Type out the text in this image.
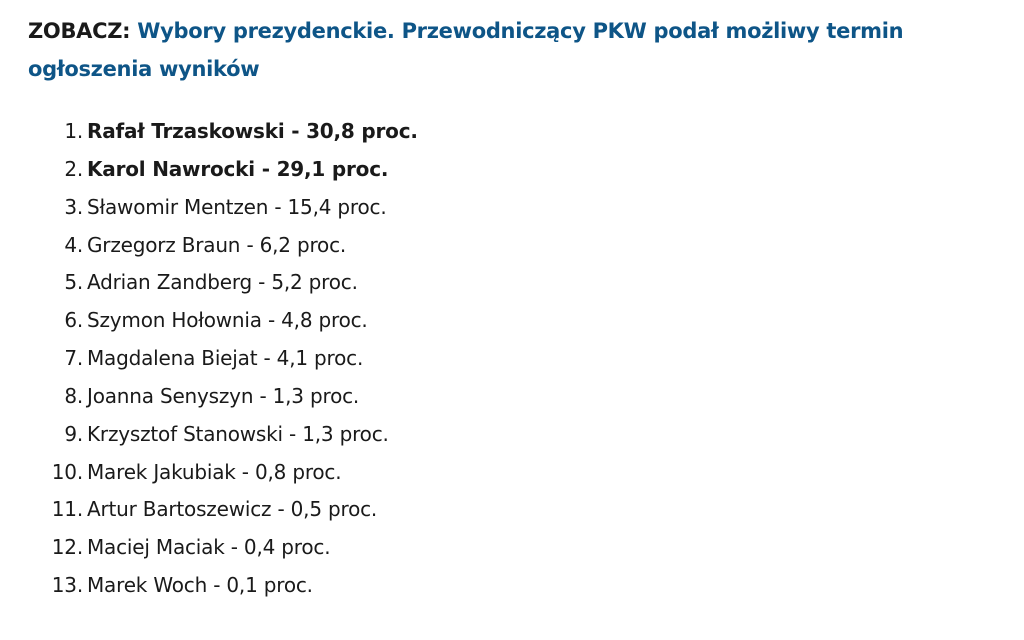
ZOBACZ: Wybory prezydenckie. Przewodniczący PKW podał możliwy termin ogłoszenia wyników
1. Rafał Trzaskowski - 30,8 proc.
2. Karol Nawrocki - 29,1 proc.
3. Sławomir Mentzen - 15,4 proc.
4. Grzegorz Braun - 6,2 proc.
5. Adrian Zandberg - 5,2 proc.
6. Szymon Hołownia - 4,8 proc.
7. Magdalena Biejat - 4,1 proc.
8. Joanna Senyszyn - 1,3 proc.
9. Krzysztof Stanowski - 1,3 proc.
10. Marek Jakubiak - 0,8 proc.
11. Artur Bartoszewicz - 0,5 proc.
12. Maciej Maciak - 0,4 proc.
13. Marek Woch - 0,1 proc.
